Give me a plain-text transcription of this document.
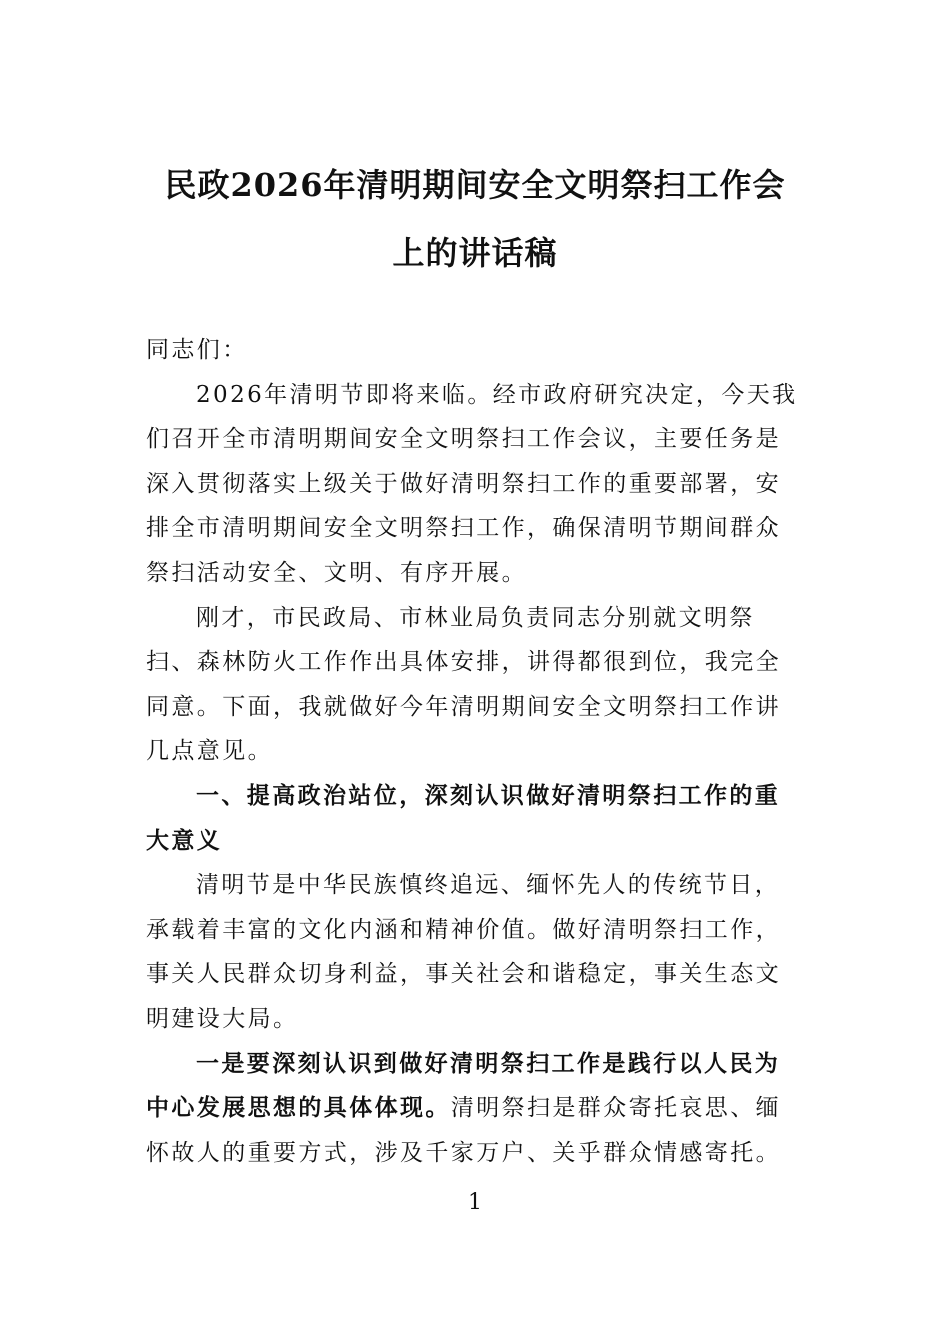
民政2026年清明期间安全文明祭扫工作会
上的讲话稿
同志们：
2026年清明节即将来临。经市政府研究决定，今天我
们召开全市清明期间安全文明祭扫工作会议，主要任务是
深入贯彻落实上级关于做好清明祭扫工作的重要部署，安
排全市清明期间安全文明祭扫工作，确保清明节期间群众
祭扫活动安全、文明、有序开展。
刚才，市民政局、市林业局负责同志分别就文明祭
扫、森林防火工作作出具体安排，讲得都很到位，我完全
同意。下面，我就做好今年清明期间安全文明祭扫工作讲
几点意见。
一、提高政治站位，深刻认识做好清明祭扫工作的重
大意义
清明节是中华民族慎终追远、缅怀先人的传统节日，
承载着丰富的文化内涵和精神价值。做好清明祭扫工作，
事关人民群众切身利益，事关社会和谐稳定，事关生态文
明建设大局。
一是要深刻认识到做好清明祭扫工作是践行以人民为
中心发展思想的具体体现。清明祭扫是群众寄托哀思、缅
怀故人的重要方式，涉及千家万户、关乎群众情感寄托。
1
